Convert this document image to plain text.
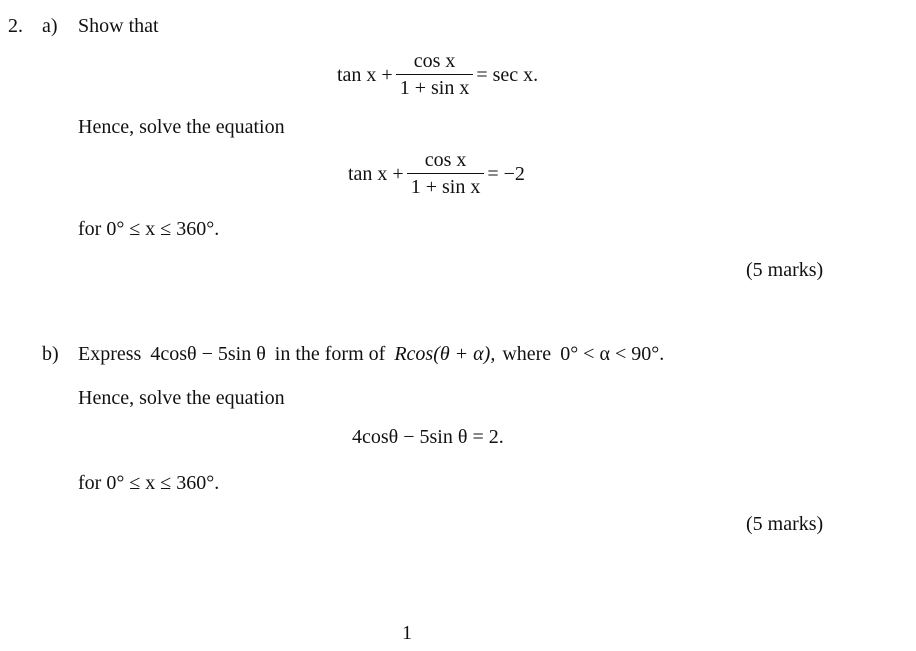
2. a) Show that
$\tan x + \frac{\text{cos x}}{\text{1 + sin x}} = \sec x$.
Hence, solve the equation
$\tan x + \frac{\text{cos x}}{\text{1 + sin x}} = -2$
for 0° ≤ x ≤ 360°.
(5 marks)
b) Express 4cosθ − 5sin θ in the form of Rcos(θ + α), where 0° < α < 90°.
Hence, solve the equation
4cosθ − 5sin θ = 2.
for 0° ≤ x ≤ 360°.
(5 marks)
1
